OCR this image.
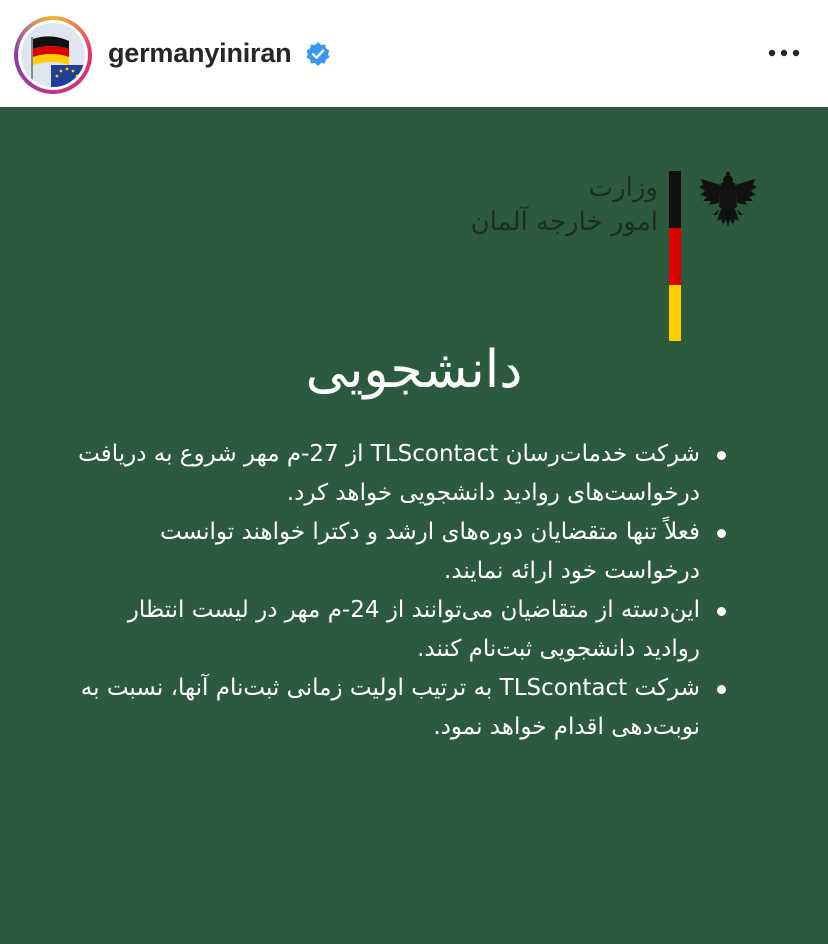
germanyiniran
وزارت
امور خارجه آلمان
دانشجویی
شرکت خدمات‌رسان TLScontact از 27-م مهر شروع به دریافت درخواست‌های روادید دانشجویی خواهد کرد.
فعلاً تنها متقضایان دوره‌های ارشد و دکترا خواهند توانست درخواست خود ارائه نمایند.
این‌دسته از متقاضیان می‌توانند از 24-م مهر در لیست انتظار روادید دانشجویی ثبت‌نام کنند.
شرکت TLScontact به ترتیب اولیت زمانی ثبت‌نام آنها، نسبت به نوبت‌دهی اقدام خواهد نمود.
